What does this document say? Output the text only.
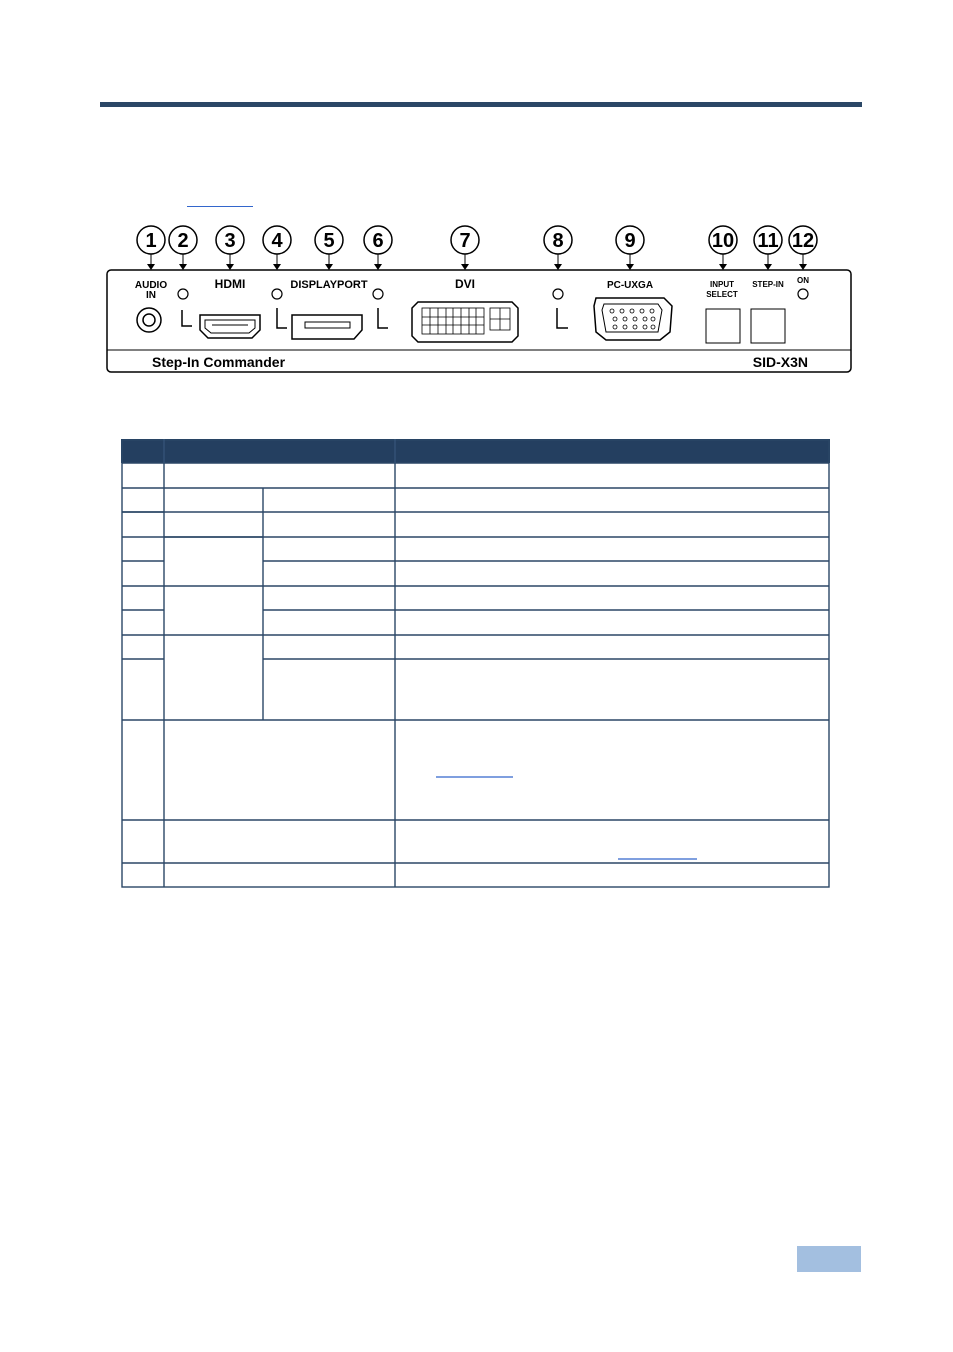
1 2 3 4 5 6	7	8	9	10 11 12
AUDIO
IN
HDMI	DISPLAYPORT	DVI	PC-UXGA	INPUT
SELECT
STEP-IN ON
Step-In Commander	SID-X3N
